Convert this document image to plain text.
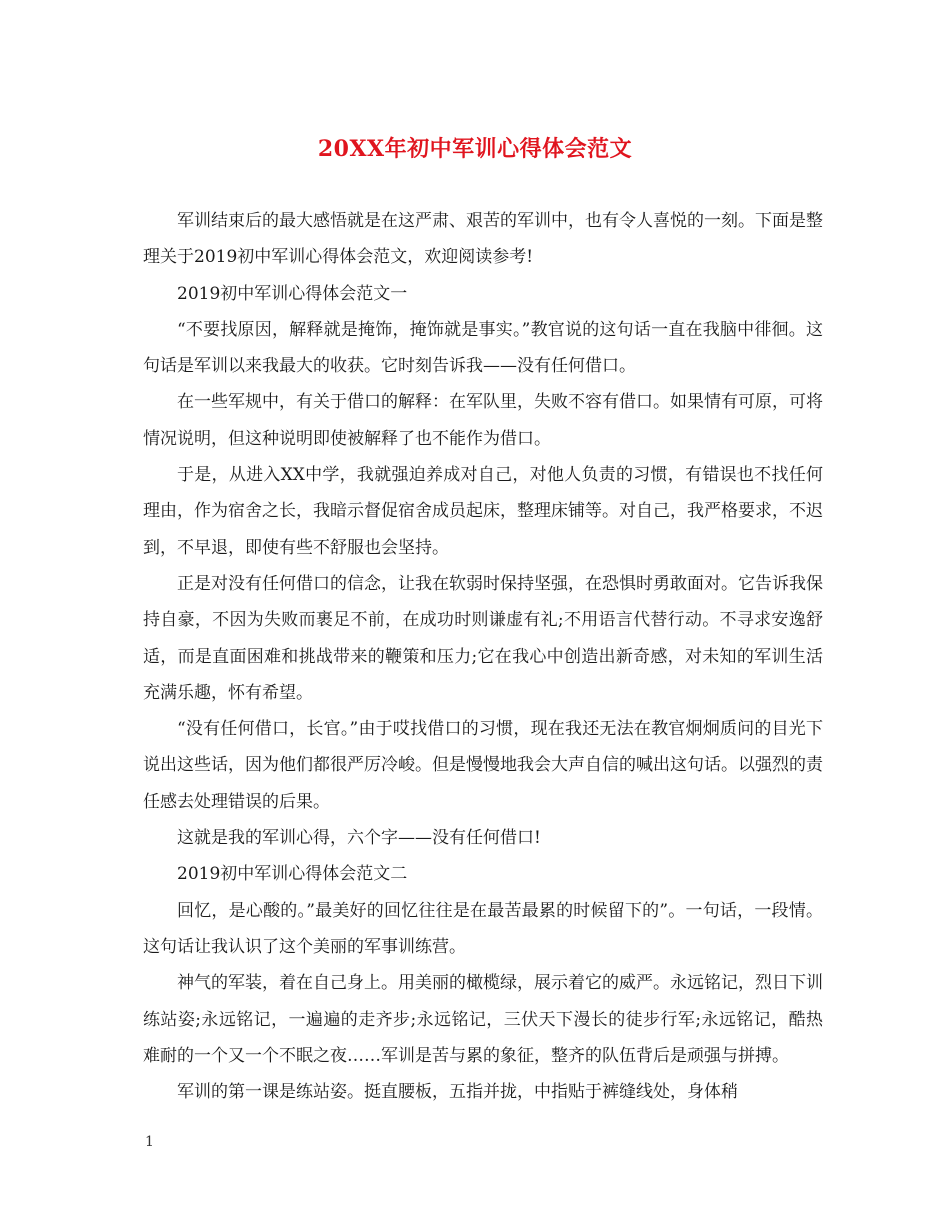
20XX年初中军训心得体会范文

军训结束后的最大感悟就是在这严肃、艰苦的军训中，也有令人喜悦的一刻。下面是整理关于2019初中军训心得体会范文，欢迎阅读参考!

2019初中军训心得体会范文一

“不要找原因，解释就是掩饰，掩饰就是事实。”教官说的这句话一直在我脑中徘徊。这句话是军训以来我最大的收获。它时刻告诉我——没有任何借口。

在一些军规中，有关于借口的解释：在军队里，失败不容有借口。如果情有可原，可将情况说明，但这种说明即使被解释了也不能作为借口。

于是，从进入XX中学，我就强迫养成对自己，对他人负责的习惯，有错误也不找任何理由，作为宿舍之长，我暗示督促宿舍成员起床，整理床铺等。对自己，我严格要求，不迟到，不早退，即使有些不舒服也会坚持。

正是对没有任何借口的信念，让我在软弱时保持坚强，在恐惧时勇敢面对。它告诉我保持自豪，不因为失败而裹足不前，在成功时则谦虚有礼;不用语言代替行动。不寻求安逸舒适，而是直面困难和挑战带来的鞭策和压力;它在我心中创造出新奇感，对未知的军训生活充满乐趣，怀有希望。

“没有任何借口，长官。”由于哎找借口的习惯，现在我还无法在教官炯炯质问的目光下说出这些话，因为他们都很严厉冷峻。但是慢慢地我会大声自信的喊出这句话。以强烈的责任感去处理错误的后果。

这就是我的军训心得，六个字——没有任何借口!

2019初中军训心得体会范文二

回忆，是心酸的。”最美好的回忆往往是在最苦最累的时候留下的”。一句话，一段情。这句话让我认识了这个美丽的军事训练营。

神气的军装，着在自己身上。用美丽的橄榄绿，展示着它的威严。永远铭记，烈日下训练站姿;永远铭记，一遍遍的走齐步;永远铭记，三伏天下漫长的徒步行军;永远铭记，酷热难耐的一个又一个不眠之夜……军训是苦与累的象征，整齐的队伍背后是顽强与拼搏。

军训的第一课是练站姿。挺直腰板，五指并拢，中指贴于裤缝线处，身体稍

1
